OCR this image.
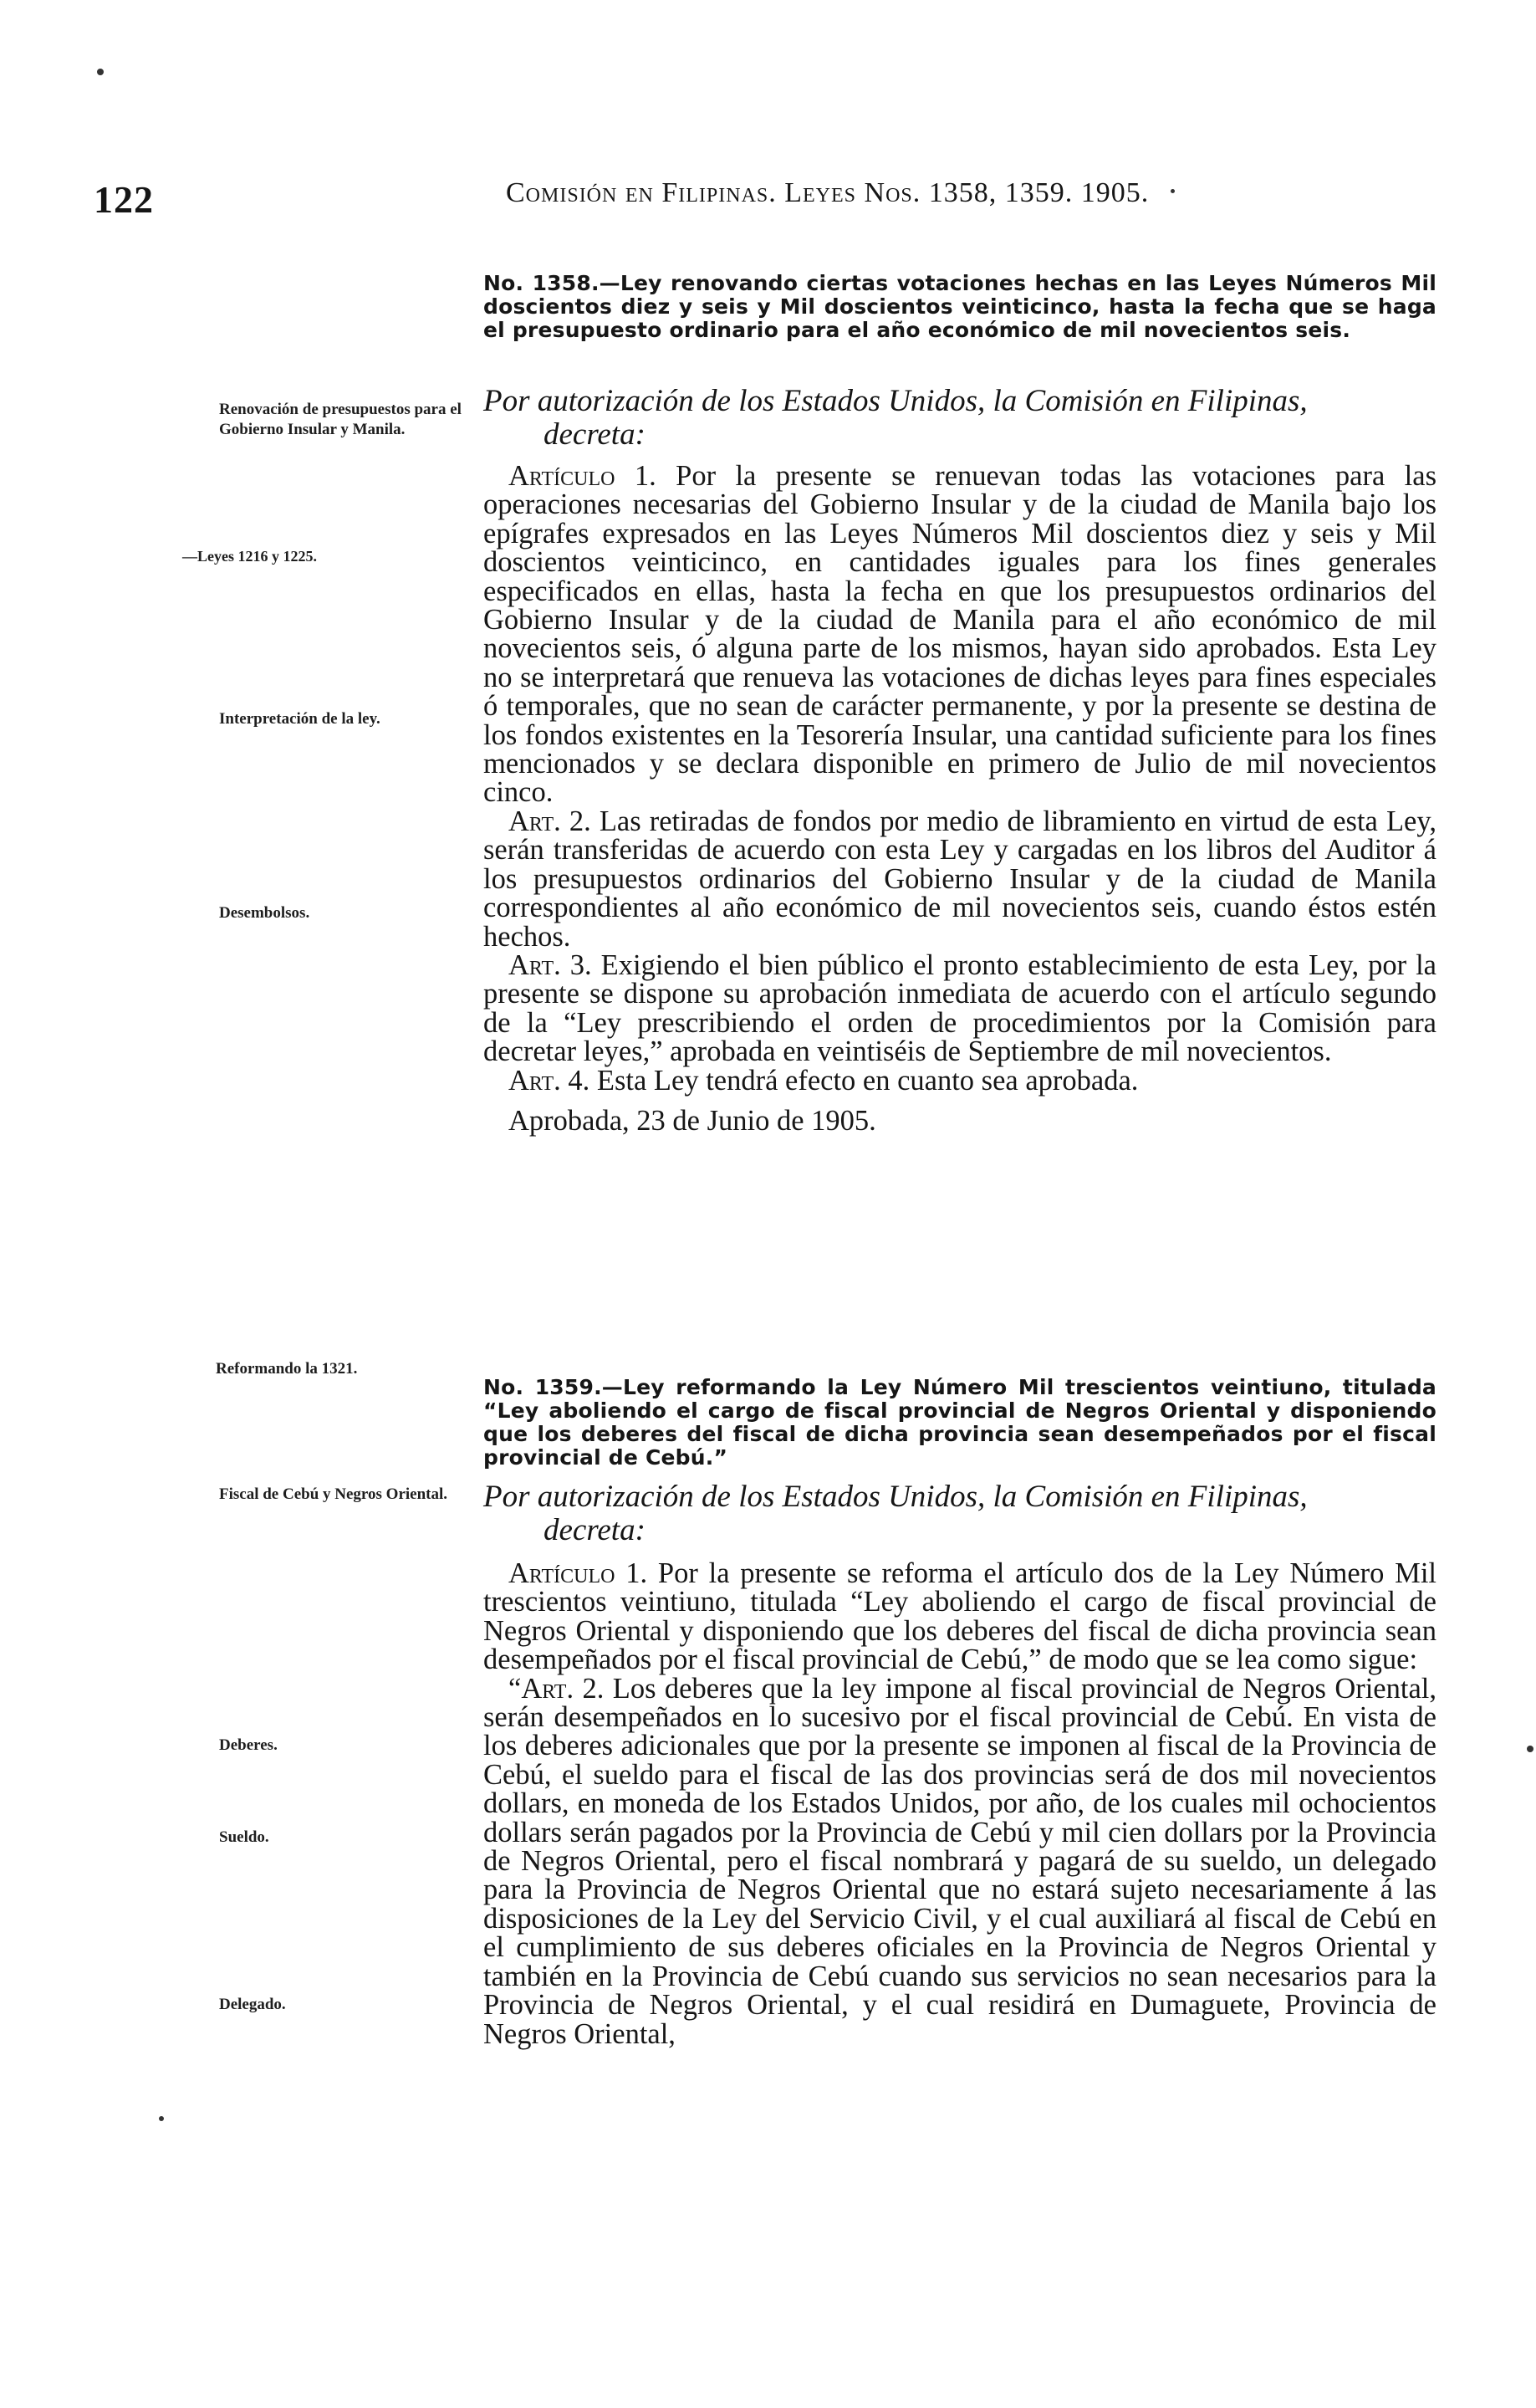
122	Comisión en Filipinas. Leyes Nos. 1358, 1359. 1905.
Renovación de presupuestos para el Gobierno Insular y Manila.
—Leyes 1216 y 1225.
Interpretación de la ley.
Desembolsos.
Reformando la 1321.
Fiscal de Cebú y Negros Oriental.
Deberes.
Sueldo.
Delegado.

No. 1358.—Ley renovando ciertas votaciones hechas en las Leyes Números Mil doscientos diez y seis y Mil doscientos veinticinco, hasta la fecha que se haga el presupuesto ordinario para el año económico de mil novecientos seis.

Por autorización de los Estados Unidos, la Comisión en Filipinas,
decreta:

Artículo 1. Por la presente se renuevan todas las votaciones para las operaciones necesarias del Gobierno Insular y de la ciudad de Manila bajo los epígrafes expresados en las Leyes Números Mil doscientos diez y seis y Mil doscientos veinticinco, en cantidades iguales para los fines generales especificados en ellas, hasta la fecha en que los presupuestos ordinarios del Gobierno Insular y de la ciudad de Manila para el año económico de mil novecientos seis, ó alguna parte de los mismos, hayan sido aprobados. Esta Ley no se interpretará que renueva las votaciones de dichas leyes para fines especiales ó temporales, que no sean de carácter permanente, y por la presente se destina de los fondos existentes en la Tesorería Insular, una cantidad suficiente para los fines mencionados y se declara disponible en primero de Julio de mil novecientos cinco.

Art. 2. Las retiradas de fondos por medio de libramiento en virtud de esta Ley, serán transferidas de acuerdo con esta Ley y cargadas en los libros del Auditor á los presupuestos ordinarios del Gobierno Insular y de la ciudad de Manila correspondientes al año económico de mil novecientos seis, cuando éstos estén hechos.

Art. 3. Exigiendo el bien público el pronto establecimiento de esta Ley, por la presente se dispone su aprobación inmediata de acuerdo con el artículo segundo de la “Ley prescribiendo el orden de procedimientos por la Comisión para decretar leyes,” aprobada en veintiséis de Septiembre de mil novecientos.

Art. 4. Esta Ley tendrá efecto en cuanto sea aprobada.

Aprobada, 23 de Junio de 1905.

No. 1359.—Ley reformando la Ley Número Mil trescientos veintiuno, titulada “Ley aboliendo el cargo de fiscal provincial de Negros Oriental y disponiendo que los deberes del fiscal de dicha provincia sean desempeñados por el fiscal provincial de Cebú.”

Por autorización de los Estados Unidos, la Comisión en Filipinas,
decreta:

Artículo 1. Por la presente se reforma el artículo dos de la Ley Número Mil trescientos veintiuno, titulada “Ley aboliendo el cargo de fiscal provincial de Negros Oriental y disponiendo que los deberes del fiscal de dicha provincia sean desempeñados por el fiscal provincial de Cebú,” de modo que se lea como sigue:

“Art. 2. Los deberes que la ley impone al fiscal provincial de Negros Oriental, serán desempeñados en lo sucesivo por el fiscal provincial de Cebú. En vista de los deberes adicionales que por la presente se imponen al fiscal de la Provincia de Cebú, el sueldo para el fiscal de las dos provincias será de dos mil novecientos dollars, en moneda de los Estados Unidos, por año, de los cuales mil ochocientos dollars serán pagados por la Provincia de Cebú y mil cien dollars por la Provincia de Negros Oriental, pero el fiscal nombrará y pagará de su sueldo, un delegado para la Provincia de Negros Oriental que no estará sujeto necesariamente á las disposiciones de la Ley del Servicio Civil, y el cual auxiliará al fiscal de Cebú en el cumplimiento de sus deberes oficiales en la Provincia de Negros Oriental y también en la Provincia de Cebú cuando sus servicios no sean necesarios para la Provincia de Negros Oriental, y el cual residirá en Dumaguete, Provincia de Negros Oriental,
